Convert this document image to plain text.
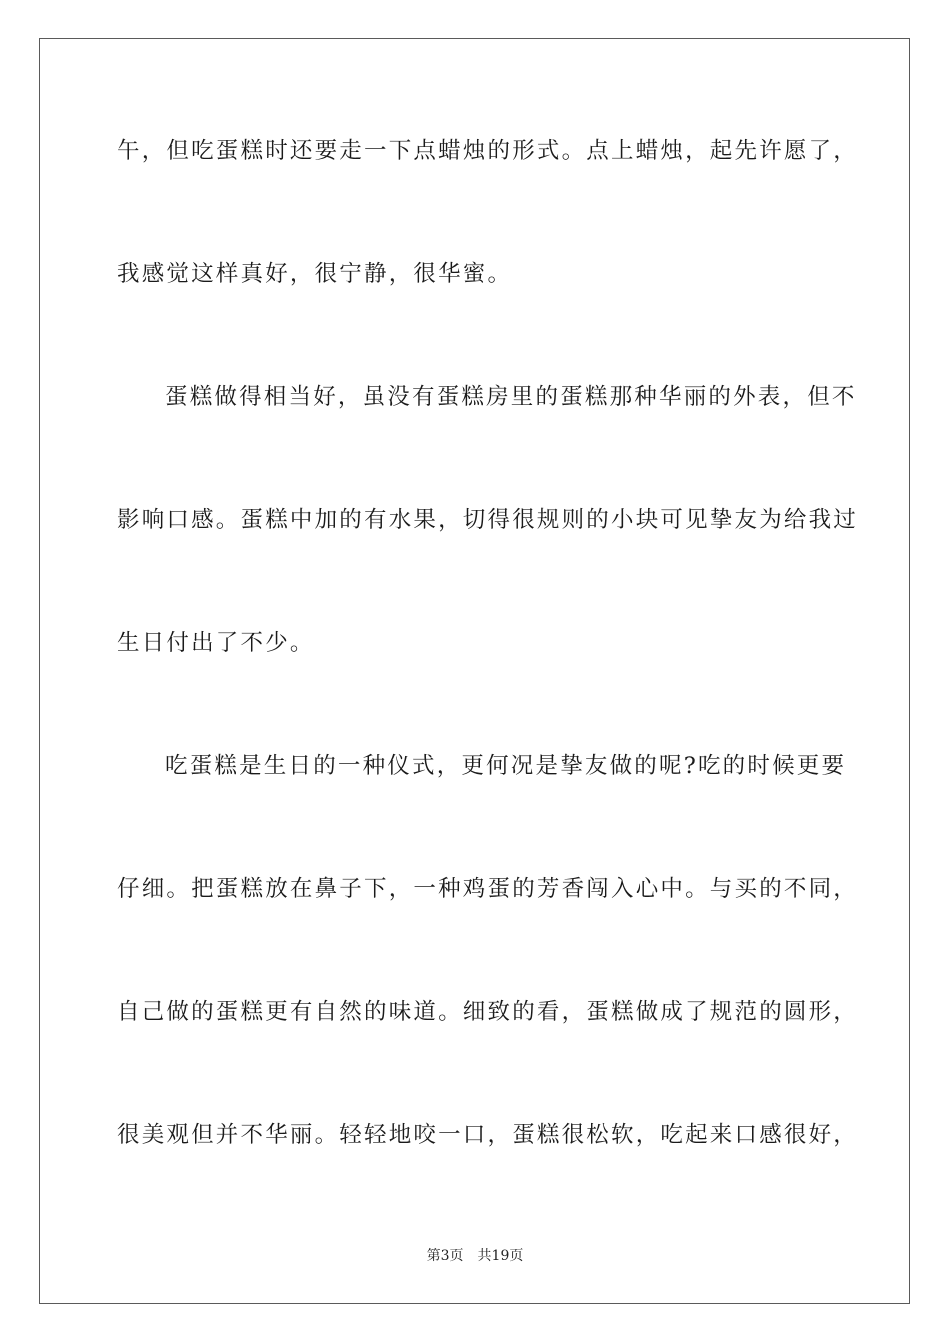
午，但吃蛋糕时还要走一下点蜡烛的形式。点上蜡烛，起先许愿了，
我感觉这样真好，很宁静，很华蜜。
蛋糕做得相当好，虽没有蛋糕房里的蛋糕那种华丽的外表，但不
影响口感。蛋糕中加的有水果，切得很规则的小块可见挚友为给我过
生日付出了不少。
吃蛋糕是生日的一种仪式，更何况是挚友做的呢?吃的时候更要
仔细。把蛋糕放在鼻子下，一种鸡蛋的芳香闯入心中。与买的不同，
自己做的蛋糕更有自然的味道。细致的看，蛋糕做成了规范的圆形，
很美观但并不华丽。轻轻地咬一口，蛋糕很松软，吃起来口感很好，
第3页 共19页
